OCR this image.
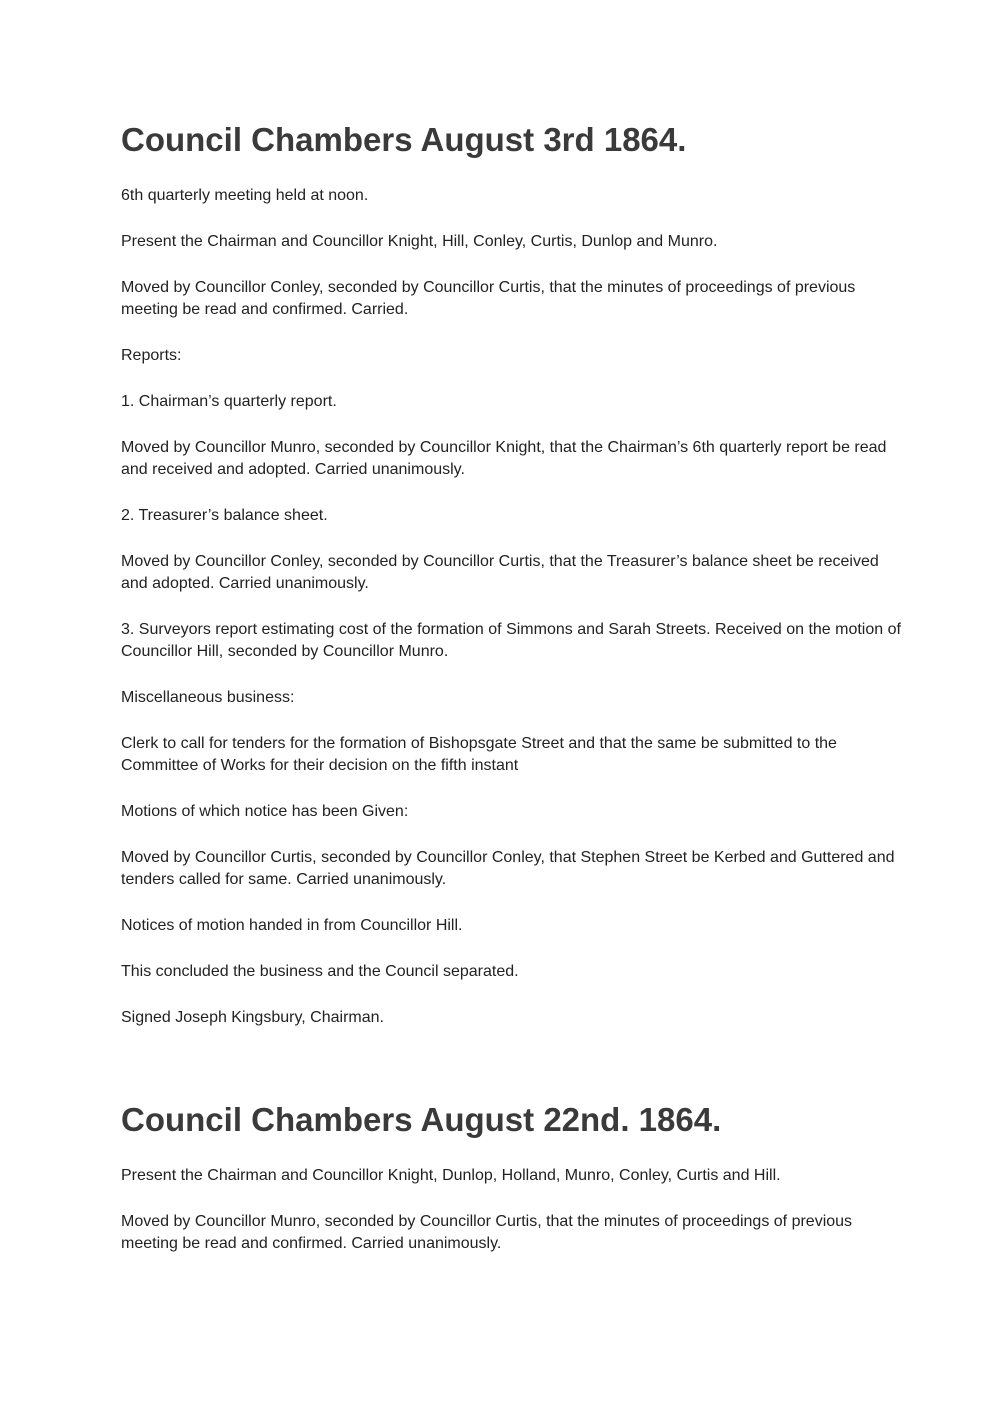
Council Chambers August 3rd 1864.

6th quarterly meeting held at noon.

Present the Chairman and Councillor Knight, Hill, Conley, Curtis, Dunlop and Munro.

Moved by Councillor Conley, seconded by Councillor Curtis, that the minutes of proceedings of previous meeting be read and confirmed. Carried.

Reports:

1. Chairman’s quarterly report.

Moved by Councillor Munro, seconded by Councillor Knight, that the Chairman’s 6th quarterly report be read and received and adopted. Carried unanimously.

2. Treasurer’s balance sheet.

Moved by Councillor Conley, seconded by Councillor Curtis, that the Treasurer’s balance sheet be received and adopted. Carried unanimously.

3. Surveyors report estimating cost of the formation of Simmons and Sarah Streets. Received on the motion of Councillor Hill, seconded by Councillor Munro.

Miscellaneous business:

Clerk to call for tenders for the formation of Bishopsgate Street and that the same be submitted to the Committee of Works for their decision on the fifth instant

Motions of which notice has been Given:

Moved by Councillor Curtis, seconded by Councillor Conley, that Stephen Street be Kerbed and Guttered and tenders called for same. Carried unanimously.

Notices of motion handed in from Councillor Hill.

This concluded the business and the Council separated.

Signed Joseph Kingsbury, Chairman.

Council Chambers August 22nd. 1864.

Present the Chairman and Councillor Knight, Dunlop, Holland, Munro, Conley, Curtis and Hill.

Moved by Councillor Munro, seconded by Councillor Curtis, that the minutes of proceedings of previous meeting be read and confirmed. Carried unanimously.
